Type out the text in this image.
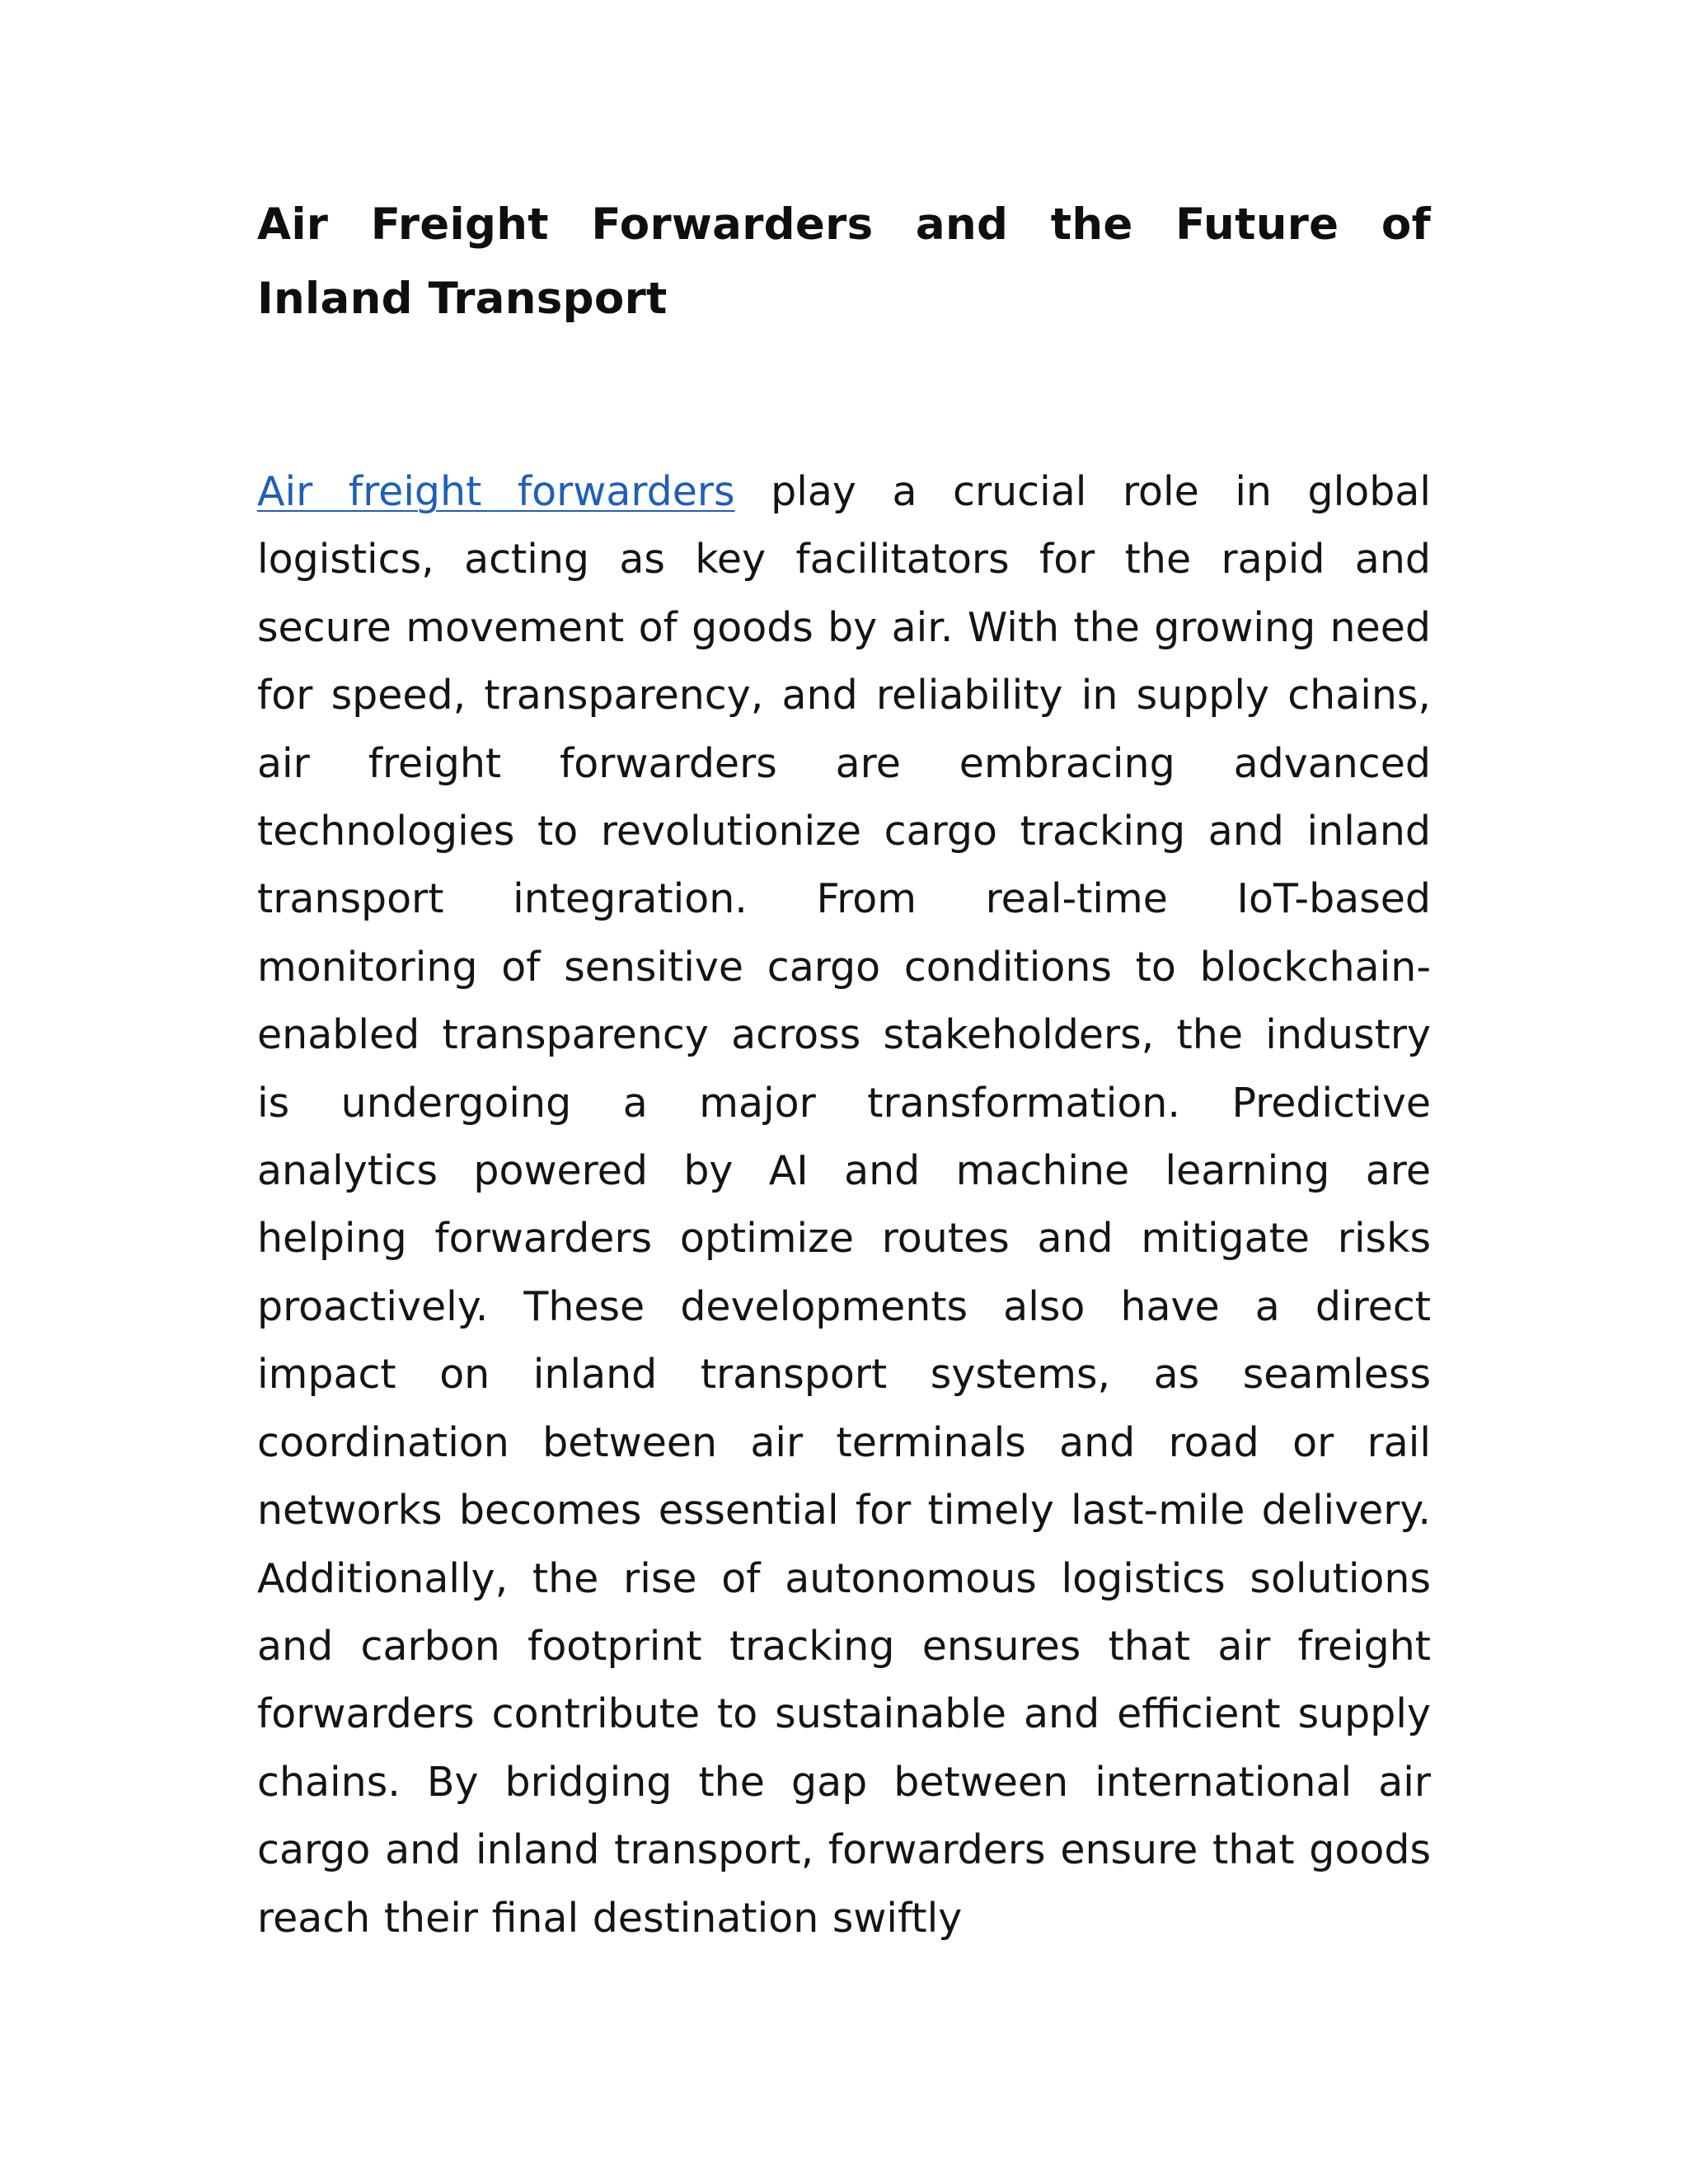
Air Freight Forwarders and the Future of Inland Transport

Air freight forwarders play a crucial role in global logistics, acting as key facilitators for the rapid and secure movement of goods by air. With the growing need for speed, transparency, and reliability in supply chains, air freight forwarders are embracing advanced technologies to revolutionize cargo tracking and inland transport integration. From real-time IoT-based monitoring of sensitive cargo conditions to blockchain-enabled transparency across stakeholders, the industry is undergoing a major transformation. Predictive analytics powered by AI and machine learning are helping forwarders optimize routes and mitigate risks proactively. These developments also have a direct impact on inland transport systems, as seamless coordination between air terminals and road or rail networks becomes essential for timely last-mile delivery. Additionally, the rise of autonomous logistics solutions and carbon footprint tracking ensures that air freight forwarders contribute to sustainable and efficient supply chains. By bridging the gap between international air cargo and inland transport, forwarders ensure that goods reach their final destination swiftly
